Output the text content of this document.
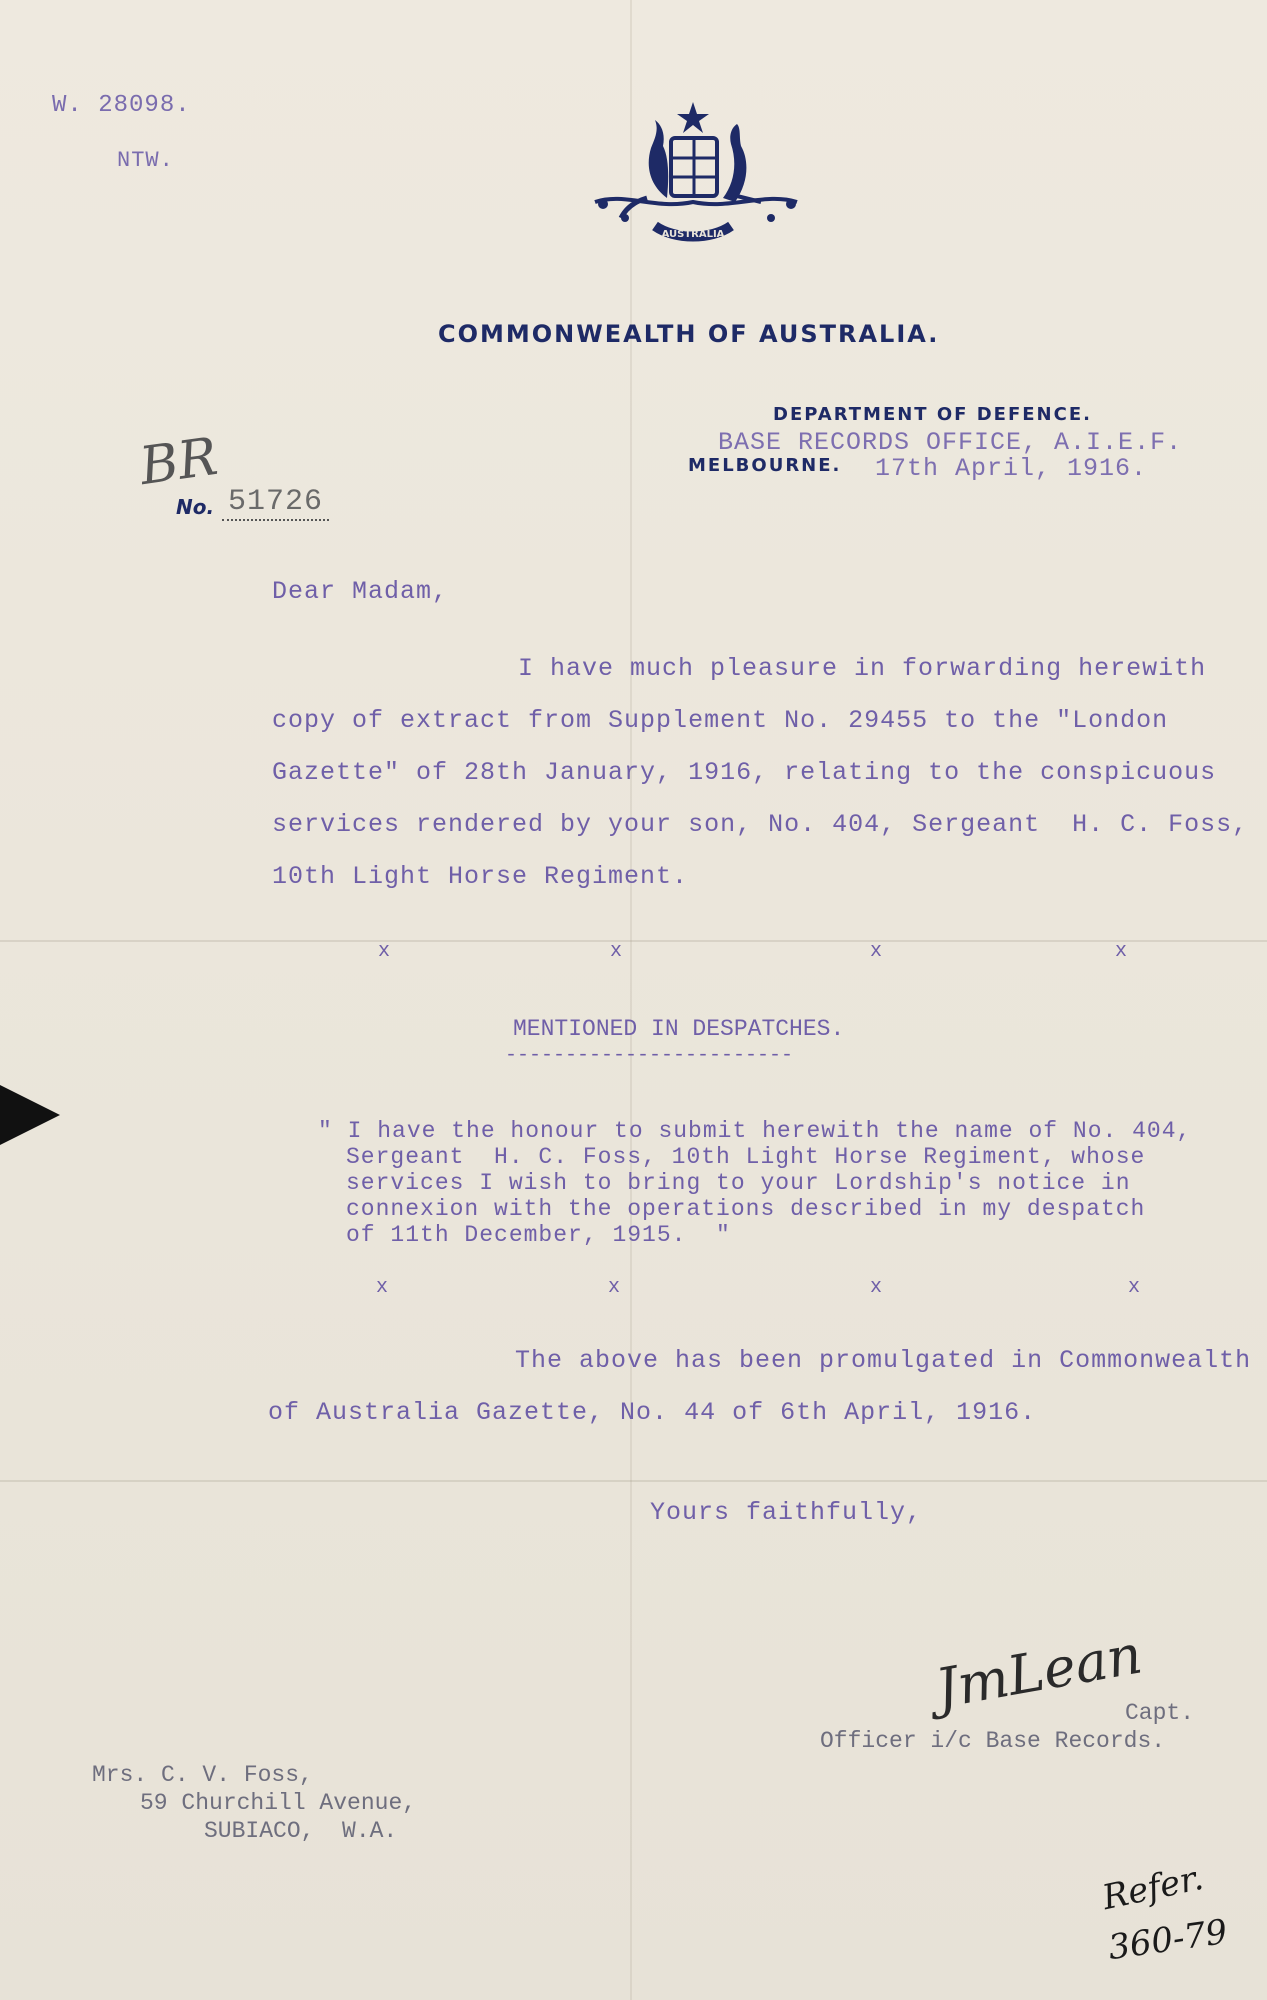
W. 28098.
NTW.
AUSTRALIA
COMMONWEALTH OF AUSTRALIA.
DEPARTMENT OF DEFENCE.
BASE RECORDS OFFICE, A.I.E.F.
MELBOURNE. 17th April, 1916.
BR
No. 51726
Dear Madam,
I have much pleasure in forwarding herewith
copy of extract from Supplement No. 29455 to the "London
Gazette" of 28th January, 1916, relating to the conspicuous
services rendered by your son, No. 404, Sergeant  H. C. Foss,
10th Light Horse Regiment.
x	x	x	x
MENTIONED IN DESPATCHES.
------------------------
" I have the honour to submit herewith the name of No. 404,
Sergeant  H. C. Foss, 10th Light Horse Regiment, whose
services I wish to bring to your Lordship's notice in
connexion with the operations described in my despatch
of 11th December, 1915.  "
x	x	x	x
The above has been promulgated in Commonwealth
of Australia Gazette, No. 44 of 6th April, 1916.
Yours faithfully,
JmLean
Capt.
Officer i/c Base Records.
Mrs. C. V. Foss,
59 Churchill Avenue,
SUBIACO,  W.A.
Refer.
360-79
